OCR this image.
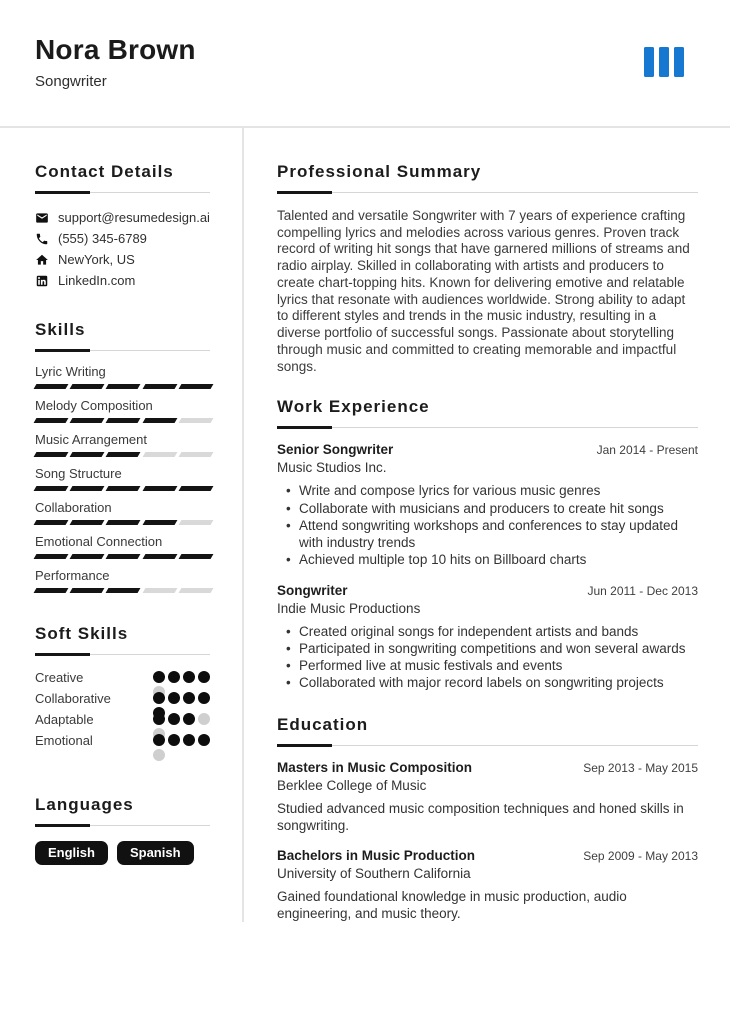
Nora Brown
Songwriter
Contact Details
support@resumedesign.ai
(555) 345-6789
NewYork, US
LinkedIn.com
Skills
Lyric Writing
Melody Composition
Music Arrangement
Song Structure
Collaboration
Emotional Connection
Performance
Soft Skills
Creative
Collaborative
Adaptable
Emotional
Languages
English	Spanish
Professional Summary

Talented and versatile Songwriter with 7 years of experience crafting compelling lyrics and melodies across various genres. Proven track record of writing hit songs that have garnered millions of streams and radio airplay. Skilled in collaborating with artists and producers to create chart-topping hits. Known for delivering emotive and relatable lyrics that resonate with audiences worldwide. Strong ability to adapt to different styles and trends in the music industry, resulting in a diverse portfolio of successful songs. Passionate about storytelling through music and committed to creating memorable and impactful songs.

Work Experience
Senior Songwriter	Jan 2014 - Present
Music Studios Inc.
• Write and compose lyrics for various music genres
• Collaborate with musicians and producers to create hit songs
• Attend songwriting workshops and conferences to stay updated with industry trends
• Achieved multiple top 10 hits on Billboard charts
Songwriter	Jun 2011 - Dec 2013
Indie Music Productions
• Created original songs for independent artists and bands
• Participated in songwriting competitions and won several awards
• Performed live at music festivals and events
• Collaborated with major record labels on songwriting projects
Education
Masters in Music Composition	Sep 2013 - May 2015
Berklee College of Music
Studied advanced music composition techniques and honed skills in songwriting.
Bachelors in Music Production	Sep 2009 - May 2013
University of Southern California
Gained foundational knowledge in music production, audio engineering, and music theory.
